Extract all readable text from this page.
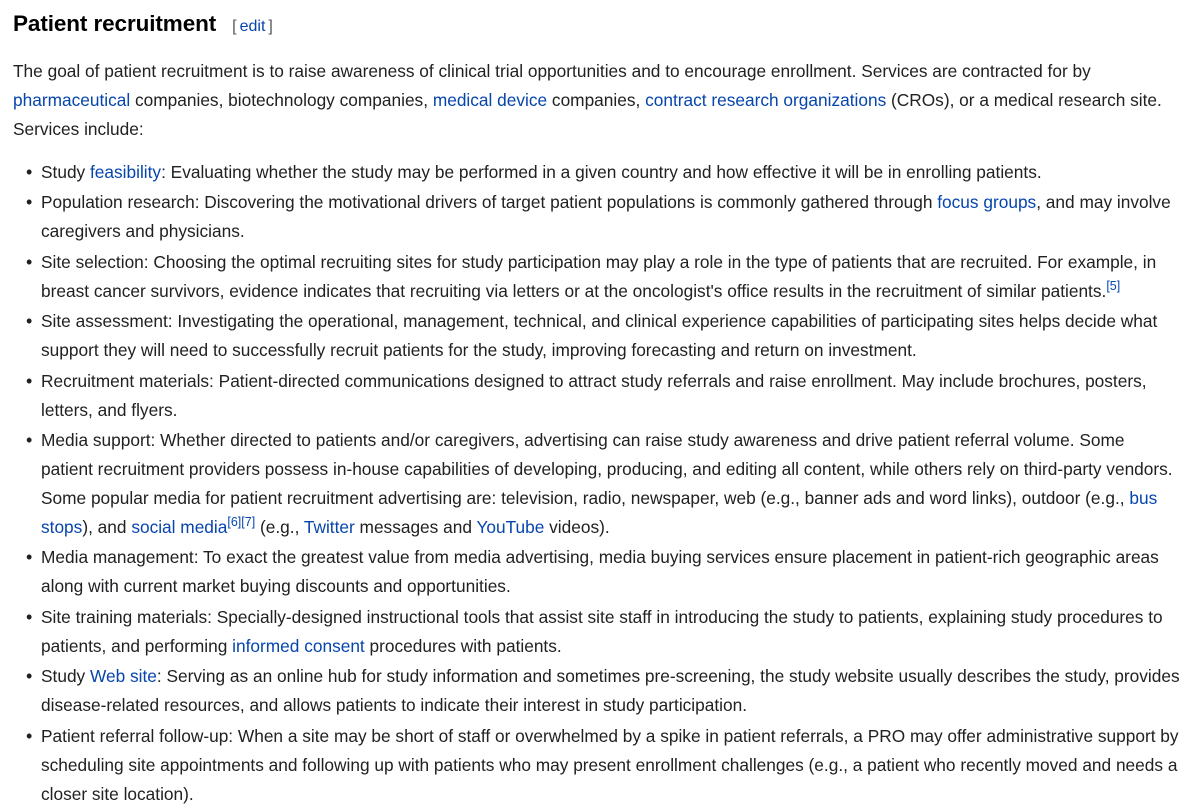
Patient recruitment [ edit ]

The goal of patient recruitment is to raise awareness of clinical trial opportunities and to encourage enrollment. Services are contracted for by pharmaceutical companies, biotechnology companies, medical device companies, contract research organizations (CROs), or a medical research site. Services include:

• Study feasibility: Evaluating whether the study may be performed in a given country and how effective it will be in enrolling patients.
• Population research: Discovering the motivational drivers of target patient populations is commonly gathered through focus groups, and may involve caregivers and physicians.
• Site selection: Choosing the optimal recruiting sites for study participation may play a role in the type of patients that are recruited. For example, in breast cancer survivors, evidence indicates that recruiting via letters or at the oncologist's office results in the recruitment of similar patients.[5]
• Site assessment: Investigating the operational, management, technical, and clinical experience capabilities of participating sites helps decide what support they will need to successfully recruit patients for the study, improving forecasting and return on investment.
• Recruitment materials: Patient-directed communications designed to attract study referrals and raise enrollment. May include brochures, posters, letters, and flyers.
• Media support: Whether directed to patients and/or caregivers, advertising can raise study awareness and drive patient referral volume. Some patient recruitment providers possess in-house capabilities of developing, producing, and editing all content, while others rely on third-party vendors. Some popular media for patient recruitment advertising are: television, radio, newspaper, web (e.g., banner ads and word links), outdoor (e.g., bus stops), and social media[6][7] (e.g., Twitter messages and YouTube videos).
• Media management: To exact the greatest value from media advertising, media buying services ensure placement in patient-rich geographic areas along with current market buying discounts and opportunities.
• Site training materials: Specially-designed instructional tools that assist site staff in introducing the study to patients, explaining study procedures to patients, and performing informed consent procedures with patients.
• Study Web site: Serving as an online hub for study information and sometimes pre-screening, the study website usually describes the study, provides disease-related resources, and allows patients to indicate their interest in study participation.
• Patient referral follow-up: When a site may be short of staff or overwhelmed by a spike in patient referrals, a PRO may offer administrative support by scheduling site appointments and following up with patients who may present enrollment challenges (e.g., a patient who recently moved and needs a closer site location).
